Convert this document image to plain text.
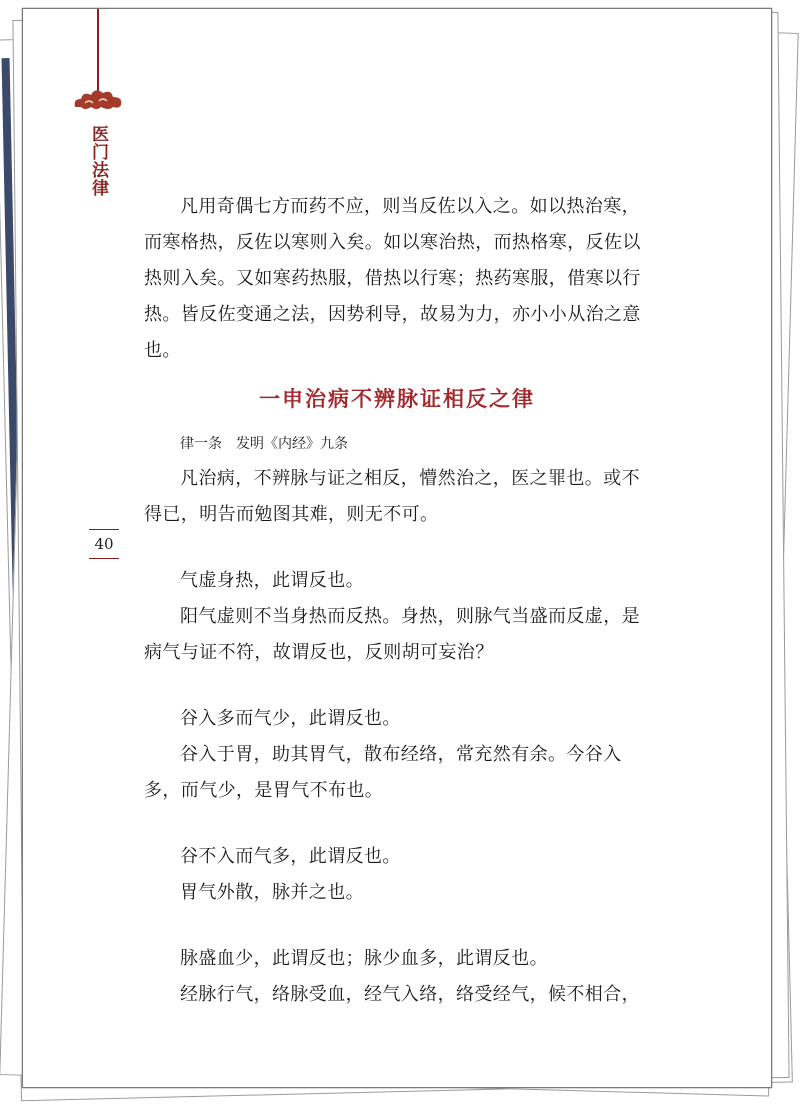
医门法律
40

凡用奇偶七方而药不应，则当反佐以入之。如以热治寒，而寒格热，反佐以寒则入矣。如以寒治热，而热格寒，反佐以热则入矣。又如寒药热服，借热以行寒；热药寒服，借寒以行热。皆反佐变通之法，因势利导，故易为力，亦小小从治之意也。

一申治病不辨脉证相反之律
律一条 发明《内经》九条

凡治病，不辨脉与证之相反，懵然治之，医之罪也。或不得已，明告而勉图其难，则无不可。

气虚身热，此谓反也。

阳气虚则不当身热而反热。身热，则脉气当盛而反虚，是病气与证不符，故谓反也，反则胡可妄治？

谷入多而气少，此谓反也。

谷入于胃，助其胃气，散布经络，常充然有余。今谷入多，而气少，是胃气不布也。

谷不入而气多，此谓反也。

胃气外散，脉并之也。

脉盛血少，此谓反也；脉少血多，此谓反也。

经脉行气，络脉受血，经气入络，络受经气，候不相合，
